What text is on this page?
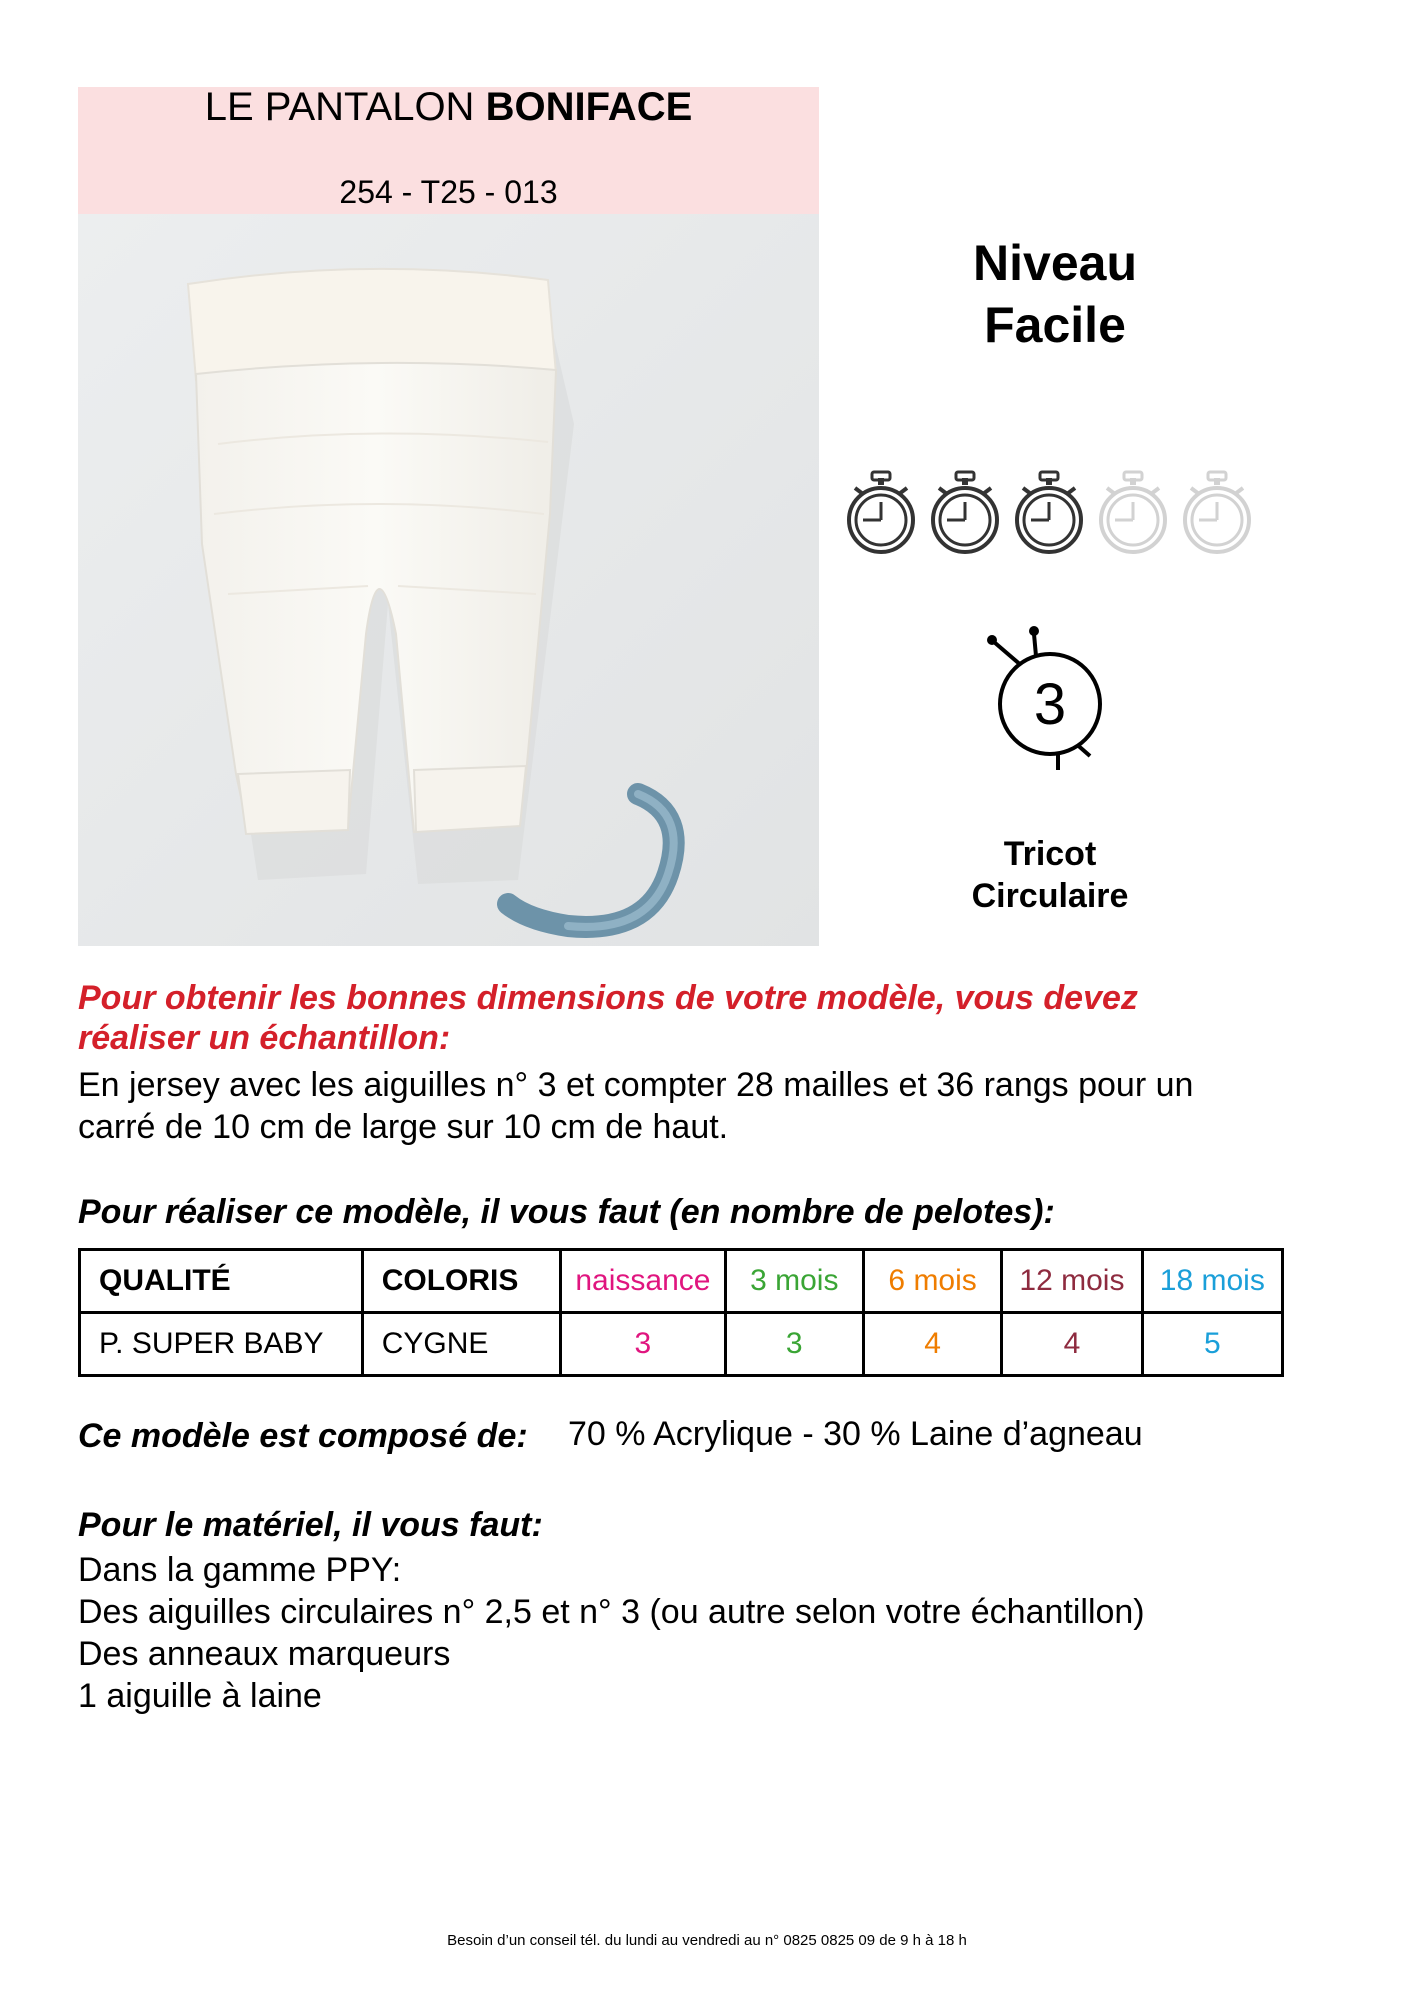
LE PANTALON BONIFACE
254 - T25 - 013
Niveau
Facile
3
Tricot
Circulaire
Pour obtenir les bonnes dimensions de votre modèle, vous devez
réaliser un échantillon:
En jersey avec les aiguilles n° 3 et compter 28 mailles et 36 rangs pour un
carré de 10 cm de large sur 10 cm de haut.
Pour réaliser ce modèle, il vous faut (en nombre de pelotes):
QUALITÉ	COLORIS	naissance	3 mois	6 mois	12 mois	18 mois
P. SUPER BABY	CYGNE	3	3	4	4	5
Ce modèle est composé de: 70 % Acrylique - 30 % Laine d’agneau
Pour le matériel, il vous faut:
Dans la gamme PPY:
Des aiguilles circulaires n° 2,5 et n° 3 (ou autre selon votre échantillon)
Des anneaux marqueurs
1 aiguille à laine
Besoin d’un conseil tél. du lundi au vendredi au n° 0825 0825 09 de 9 h à 18 h
